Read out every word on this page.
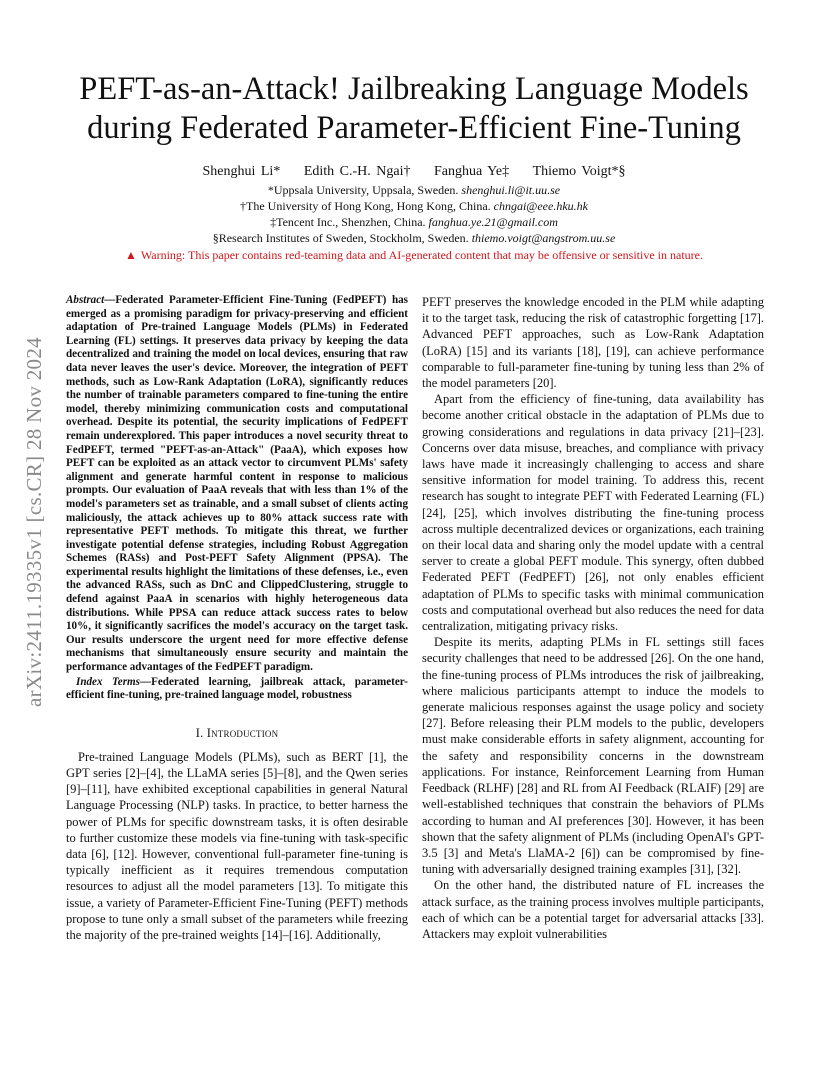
arXiv:2411.19335v1 [cs.CR] 28 Nov 2024
PEFT-as-an-Attack! Jailbreaking Language Models during Federated Parameter-Efficient Fine-Tuning
Shenghui Li* Edith C.-H. Ngai† Fanghua Ye‡ Thiemo Voigt*§
*Uppsala University, Uppsala, Sweden. shenghui.li@it.uu.se
†The University of Hong Kong, Hong Kong, China. chngai@eee.hku.hk
‡Tencent Inc., Shenzhen, China. fanghua.ye.21@gmail.com
§Research Institutes of Sweden, Stockholm, Sweden. thiemo.voigt@angstrom.uu.se
▲ Warning: This paper contains red-teaming data and AI-generated content that may be offensive or sensitive in nature.

Abstract—Federated Parameter-Efficient Fine-Tuning (FedPEFT) has emerged as a promising paradigm for privacy-preserving and efficient adaptation of Pre-trained Language Models (PLMs) in Federated Learning (FL) settings. It preserves data privacy by keeping the data decentralized and training the model on local devices, ensuring that raw data never leaves the user's device. Moreover, the integration of PEFT methods, such as Low-Rank Adaptation (LoRA), significantly reduces the number of trainable parameters compared to fine-tuning the entire model, thereby minimizing communication costs and computational overhead. Despite its potential, the security implications of FedPEFT remain underexplored. This paper introduces a novel security threat to FedPEFT, termed "PEFT-as-an-Attack" (PaaA), which exposes how PEFT can be exploited as an attack vector to circumvent PLMs' safety alignment and generate harmful content in response to malicious prompts. Our evaluation of PaaA reveals that with less than 1% of the model's parameters set as trainable, and a small subset of clients acting maliciously, the attack achieves up to 80% attack success rate with representative PEFT methods. To mitigate this threat, we further investigate potential defense strategies, including Robust Aggregation Schemes (RASs) and Post-PEFT Safety Alignment (PPSA). The experimental results highlight the limitations of these defenses, i.e., even the advanced RASs, such as DnC and ClippedClustering, struggle to defend against PaaA in scenarios with highly heterogeneous data distributions. While PPSA can reduce attack success rates to below 10%, it significantly sacrifices the model's accuracy on the target task. Our results underscore the urgent need for more effective defense mechanisms that simultaneously ensure security and maintain the performance advantages of the FedPEFT paradigm.

Index Terms—Federated learning, jailbreak attack, parameter-efficient fine-tuning, pre-trained language model, robustness

I. Introduction

Pre-trained Language Models (PLMs), such as BERT [1], the GPT series [2]–[4], the LLaMA series [5]–[8], and the Qwen series [9]–[11], have exhibited exceptional capabilities in general Natural Language Processing (NLP) tasks. In practice, to better harness the power of PLMs for specific downstream tasks, it is often desirable to further customize these models via fine-tuning with task-specific data [6], [12]. However, conventional full-parameter fine-tuning is typically inefficient as it requires tremendous computation resources to adjust all the model parameters [13]. To mitigate this issue, a variety of Parameter-Efficient Fine-Tuning (PEFT) methods propose to tune only a small subset of the parameters while freezing the majority of the pre-trained weights [14]–[16]. Additionally,

PEFT preserves the knowledge encoded in the PLM while adapting it to the target task, reducing the risk of catastrophic forgetting [17]. Advanced PEFT approaches, such as Low-Rank Adaptation (LoRA) [15] and its variants [18], [19], can achieve performance comparable to full-parameter fine-tuning by tuning less than 2% of the model parameters [20].

Apart from the efficiency of fine-tuning, data availability has become another critical obstacle in the adaptation of PLMs due to growing considerations and regulations in data privacy [21]–[23]. Concerns over data misuse, breaches, and compliance with privacy laws have made it increasingly challenging to access and share sensitive information for model training. To address this, recent research has sought to integrate PEFT with Federated Learning (FL) [24], [25], which involves distributing the fine-tuning process across multiple decentralized devices or organizations, each training on their local data and sharing only the model update with a central server to create a global PEFT module. This synergy, often dubbed Federated PEFT (FedPEFT) [26], not only enables efficient adaptation of PLMs to specific tasks with minimal communication costs and computational overhead but also reduces the need for data centralization, mitigating privacy risks.

Despite its merits, adapting PLMs in FL settings still faces security challenges that need to be addressed [26]. On the one hand, the fine-tuning process of PLMs introduces the risk of jailbreaking, where malicious participants attempt to induce the models to generate malicious responses against the usage policy and society [27]. Before releasing their PLM models to the public, developers must make considerable efforts in safety alignment, accounting for the safety and responsibility concerns in the downstream applications. For instance, Reinforcement Learning from Human Feedback (RLHF) [28] and RL from AI Feedback (RLAIF) [29] are well-established techniques that constrain the behaviors of PLMs according to human and AI preferences [30]. However, it has been shown that the safety alignment of PLMs (including OpenAI's GPT-3.5 [3] and Meta's LlaMA-2 [6]) can be compromised by fine-tuning with adversarially designed training examples [31], [32].

On the other hand, the distributed nature of FL increases the attack surface, as the training process involves multiple participants, each of which can be a potential target for adversarial attacks [33]. Attackers may exploit vulnerabilities
